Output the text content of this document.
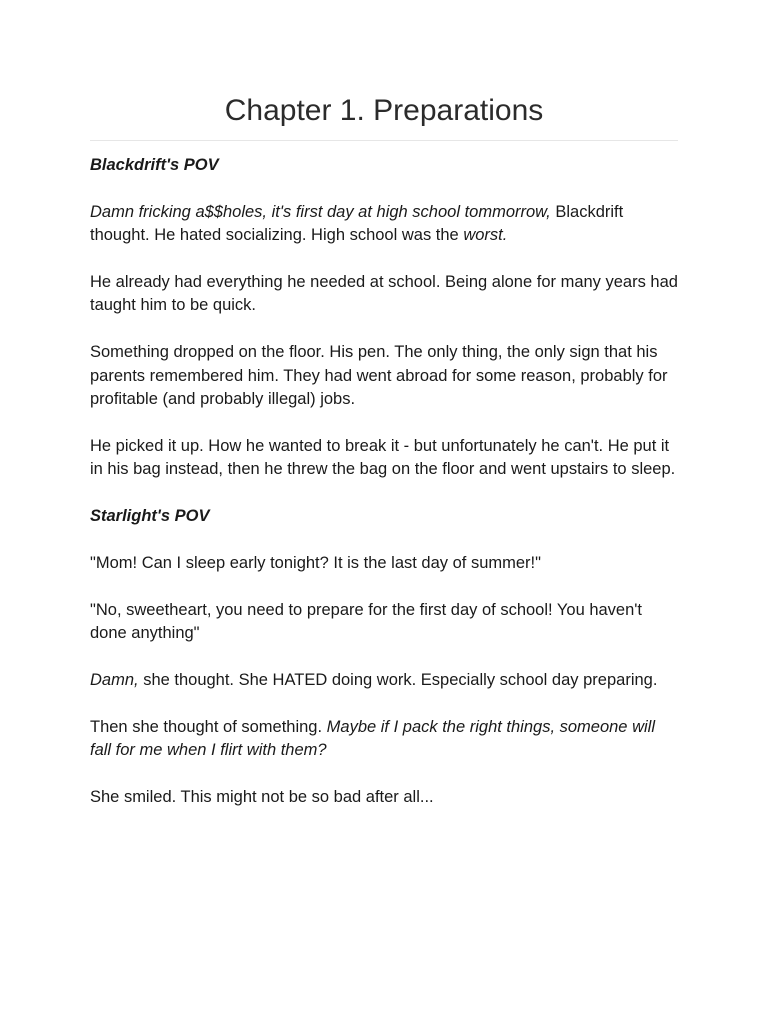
Chapter 1. Preparations

Blackdrift's POV

Damn fricking a$$holes, it's first day at high school tommorrow, Blackdrift thought. He hated socializing. High school was the worst.

He already had everything he needed at school. Being alone for many years had taught him to be quick.

Something dropped on the floor. His pen. The only thing, the only sign that his parents remembered him. They had went abroad for some reason, probably for profitable (and probably illegal) jobs.

He picked it up. How he wanted to break it - but unfortunately he can't. He put it in his bag instead, then he threw the bag on the floor and went upstairs to sleep.

Starlight's POV

"Mom! Can I sleep early tonight? It is the last day of summer!"

"No, sweetheart, you need to prepare for the first day of school! You haven't done anything"

Damn, she thought. She HATED doing work. Especially school day preparing.

Then she thought of something. Maybe if I pack the right things, someone will fall for me when I flirt with them?

She smiled. This might not be so bad after all...
